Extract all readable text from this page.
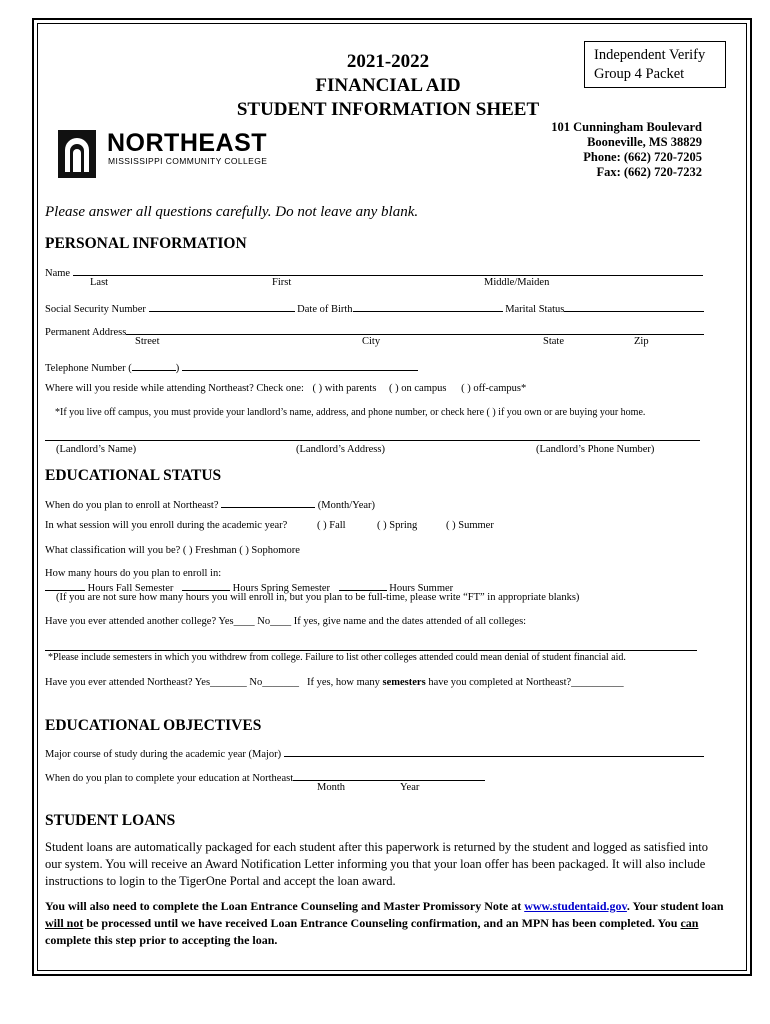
2021-2022
FINANCIAL AID
STUDENT INFORMATION SHEET
Independent Verify
Group 4 Packet
NORTHEAST
MISSISSIPPI COMMUNITY COLLEGE
101 Cunningham Boulevard
Booneville, MS 38829
Phone: (662) 720-7205
Fax: (662) 720-7232
Please answer all questions carefully. Do not leave any blank.
PERSONAL INFORMATION
Name
Last	First	Middle/Maiden
Social Security Number	Date of Birth	Marital Status
Permanent Address
Street	City	State	Zip
Telephone Number (	)
Where will you reside while attending Northeast? Check one: ( ) with parents ( ) on campus ( ) off-campus*
*If you live off campus, you must provide your landlord’s name, address, and phone number, or check here ( ) if you own or are buying your home.
(Landlord’s Name)	(Landlord’s Address)	(Landlord’s Phone Number)
EDUCATIONAL STATUS
When do you plan to enroll at Northeast?	(Month/Year)
In what session will you enroll during the academic year?	( ) Fall	( ) Spring	( ) Summer
What classification will you be? ( ) Freshman ( ) Sophomore
How many hours do you plan to enroll in:
Hours Fall Semester	Hours Spring Semester	Hours Summer
(If you are not sure how many hours you will enroll in, but you plan to be full-time, please write “FT” in appropriate blanks)
Have you ever attended another college? Yes____ No____ If yes, give name and the dates attended of all colleges:
*Please include semesters in which you withdrew from college. Failure to list other colleges attended could mean denial of student financial aid.
Have you ever attended Northeast? Yes_______ No_______ If yes, how many semesters have you completed at Northeast?__________
EDUCATIONAL OBJECTIVES
Major course of study during the academic year (Major)
When do you plan to complete your education at Northeast
Month	Year
STUDENT LOANS
Student loans are automatically packaged for each student after this paperwork is returned by the student and logged as satisfied into our system. You will receive an Award Notification Letter informing you that your loan offer has been packaged. It will also include instructions to login to the TigerOne Portal and accept the loan award.
You will also need to complete the Loan Entrance Counseling and Master Promissory Note at www.studentaid.gov. Your student loan will not be processed until we have received Loan Entrance Counseling confirmation, and an MPN has been completed. You can complete this step prior to accepting the loan.
